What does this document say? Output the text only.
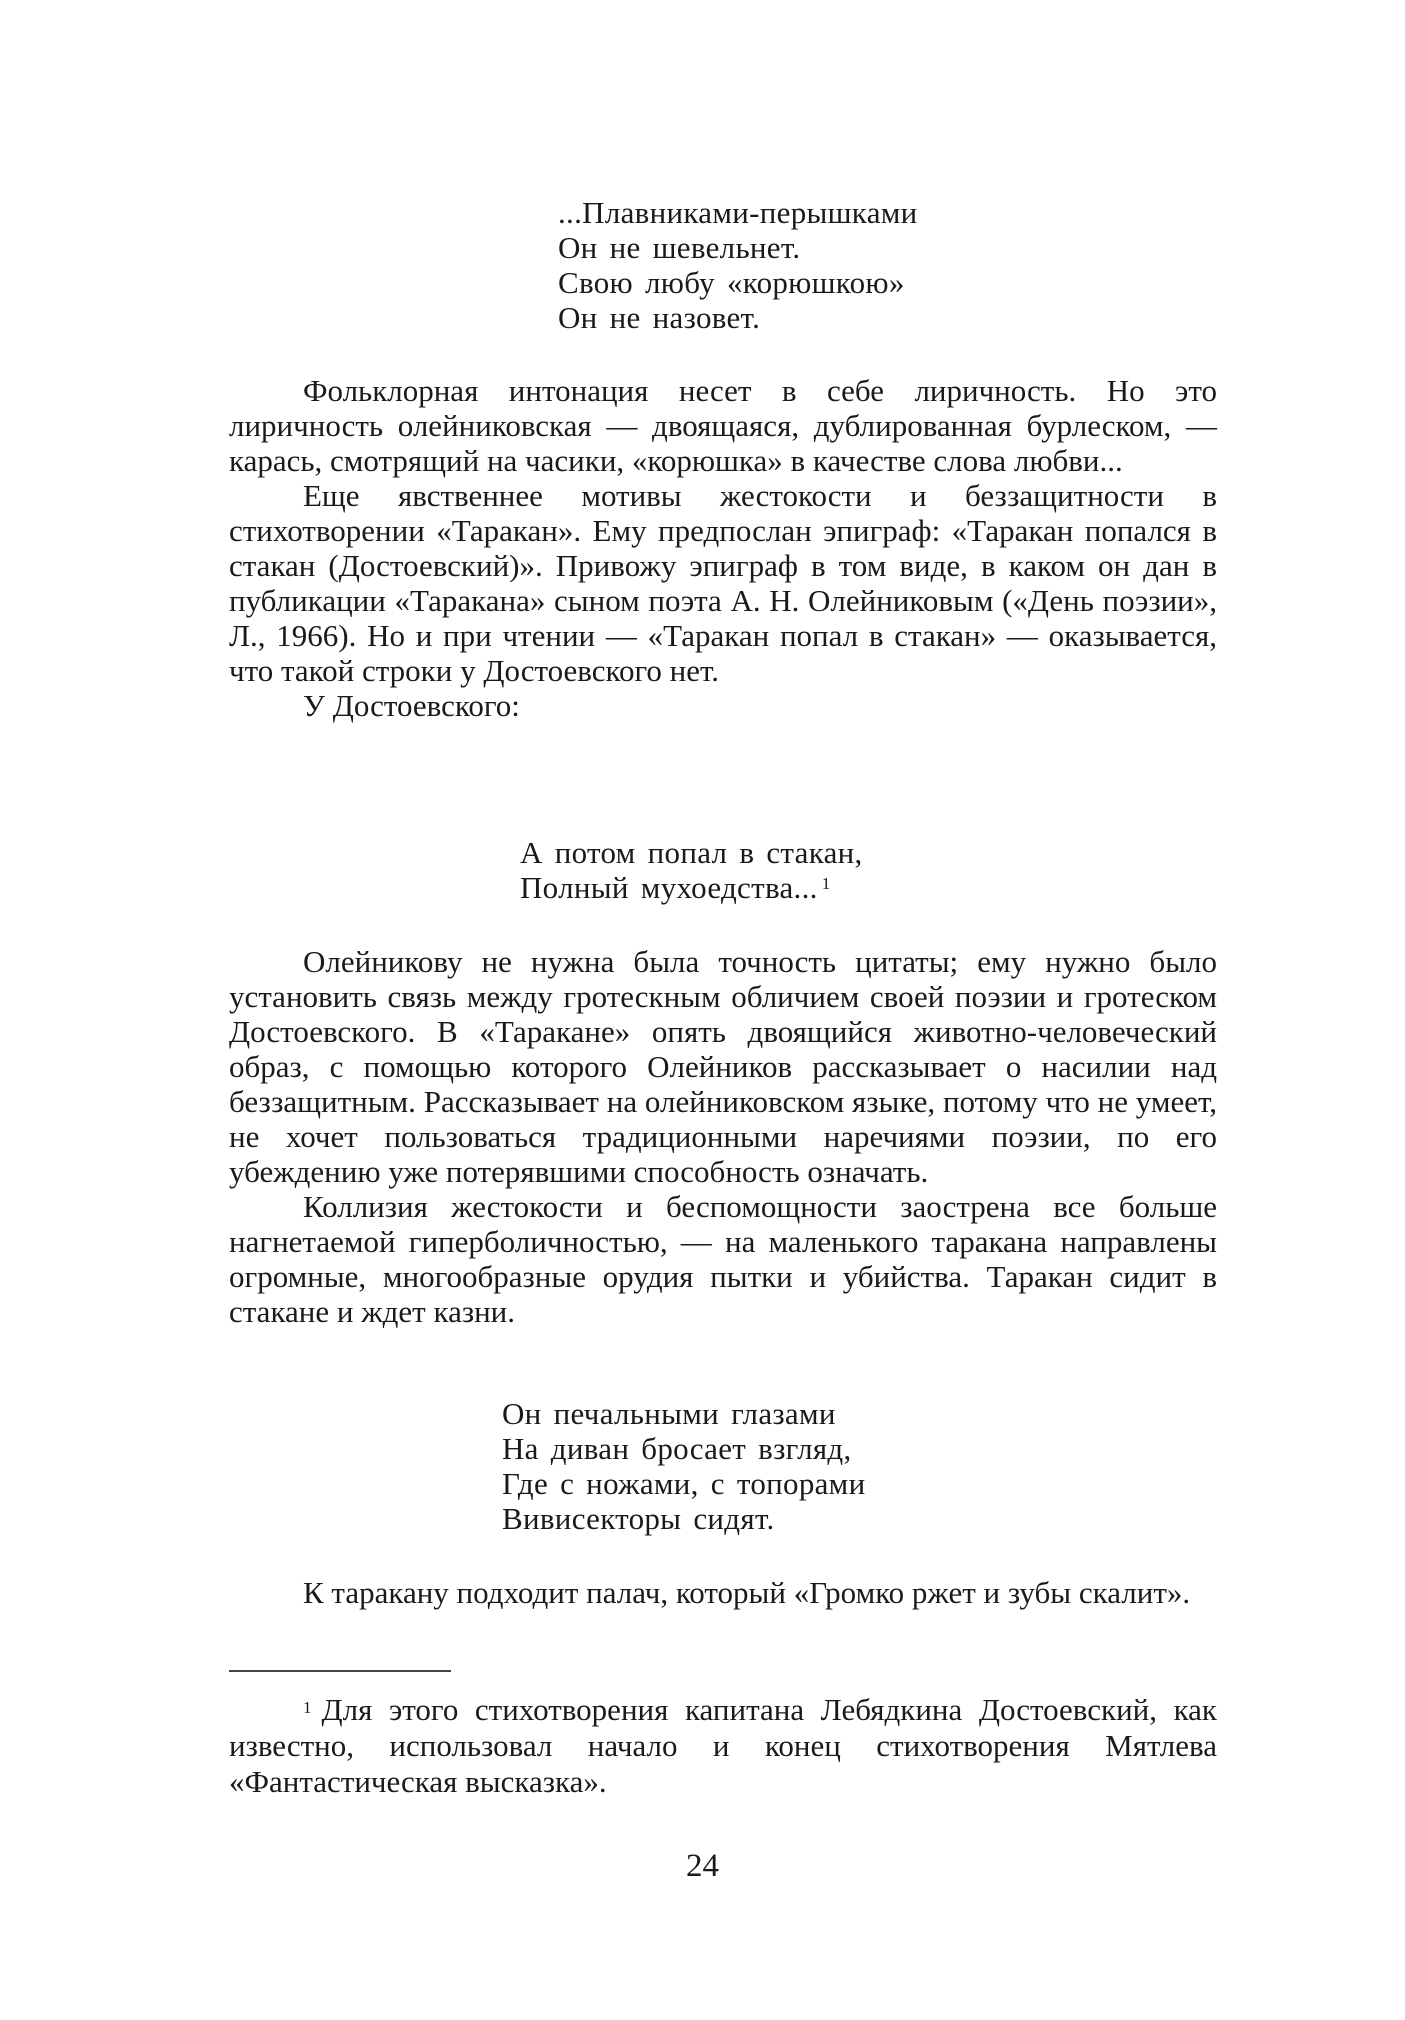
...Плавниками-перышками
Он не шевельнет.
Свою любу «корюшкою»
Он не назовет.

Фольклорная интонация несет в себе лиричность. Но это лиричность олейниковская — двоящаяся, дублированная бурлеском, — карась, смотрящий на часики, «корюшка» в качестве слова любви...

Еще явственнее мотивы жестокости и беззащитности в стихотворении «Таракан». Ему предпослан эпиграф: «Таракан попался в стакан (Достоевский)». Привожу эпиграф в том виде, в каком он дан в публикации «Таракана» сыном поэта А. Н. Олейниковым («День поэзии», Л., 1966). Но и при чтении — «Таракан попал в стакан» — оказывается, что такой строки у Достоевского нет.

У Достоевского:

А потом попал в стакан,
Полный мухоедства... $^1$

Олейникову не нужна была точность цитаты; ему нужно было установить связь между гротескным обличием своей поэзии и гротеском Достоевского. В «Таракане» опять двоящийся животно-человеческий образ, с помощью которого Олейников рассказывает о насилии над беззащитным. Рассказывает на олейниковском языке, потому что не умеет, не хочет пользоваться традиционными наречиями поэзии, по его убеждению уже потерявшими способность означать.

Коллизия жестокости и беспомощности заострена все больше нагнетаемой гиперболичностью, — на маленького таракана направлены огромные, многообразные орудия пытки и убийства. Таракан сидит в стакане и ждет казни.

Он печальными глазами
На диван бросает взгляд,
Где с ножами, с топорами
Вивисекторы сидят.

К таракану подходит палач, который «Громко ржет и зубы скалит».

$^1$ Для этого стихотворения капитана Лебядкина Достоевский, как известно, использовал начало и конец стихотворения Мятлева «Фантастическая высказка».

24
